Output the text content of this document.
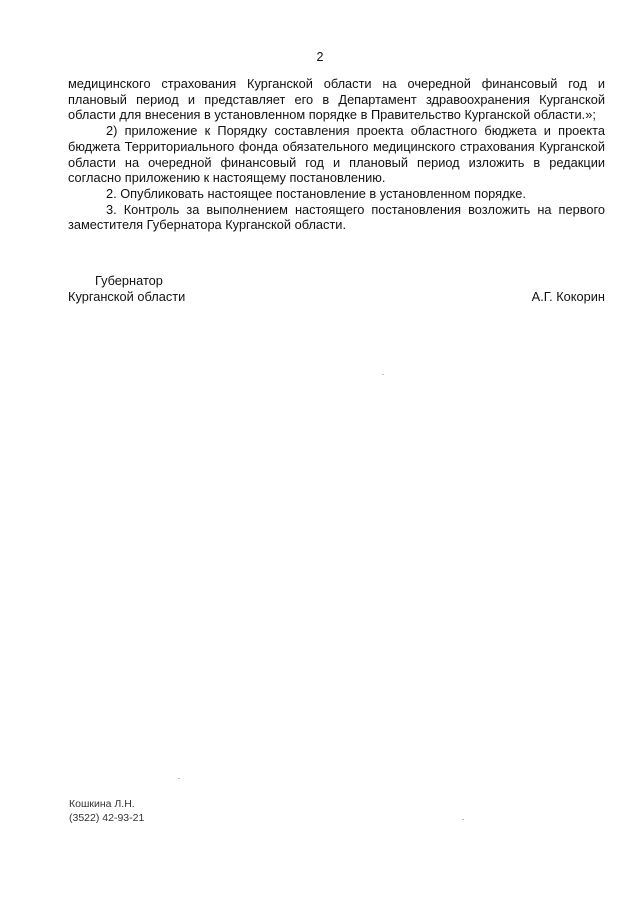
2

медицинского страхования Курганской области на очередной финансовый год и плановый период и представляет его в Департамент здравоохранения Курганской области для внесения в установленном порядке в Правительство Курганской области.»;

2) приложение к Порядку составления проекта областного бюджета и проекта бюджета Территориального фонда обязательного медицинского страхования Курганской области на очередной финансовый год и плановый период изложить в редакции согласно приложению к настоящему постановлению.

2. Опубликовать настоящее постановление в установленном порядке.

3. Контроль за выполнением настоящего постановления возложить на первого заместителя Губернатора Курганской области.

Губернатор
Курганской области	А.Г. Кокорин
Кошкина Л.Н.
(3522) 42-93-21
